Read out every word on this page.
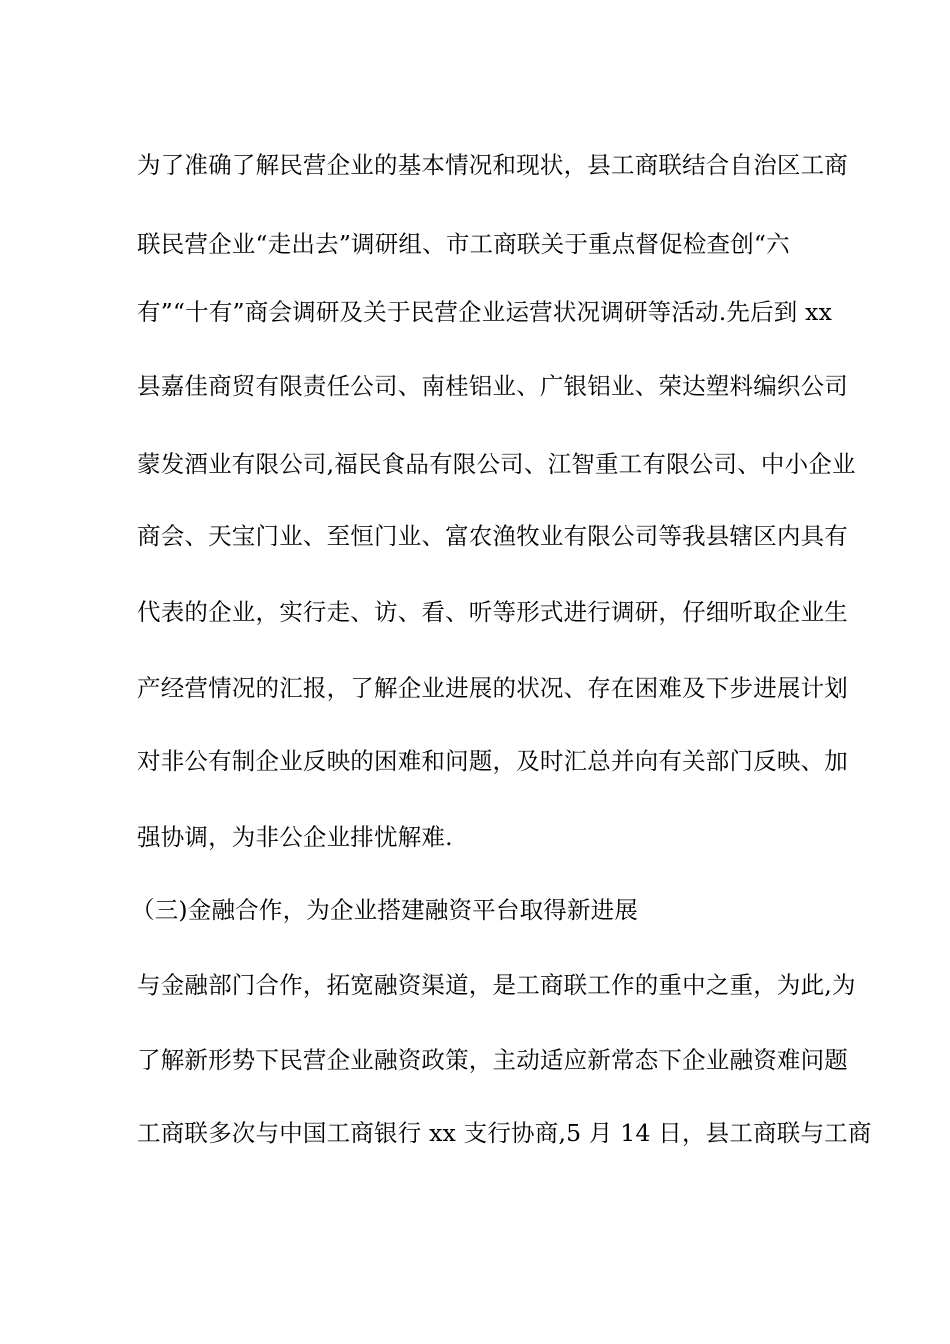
为了准确了解民营企业的基本情况和现状，县工商联结合自治区工商
联民营企业“走出去”调研组、市工商联关于重点督促检查创“六
有”“十有”商会调研及关于民营企业运营状况调研等活动.先后到 xx
县嘉佳商贸有限责任公司、南桂铝业、广银铝业、荣达塑料编织公司
蒙发酒业有限公司,福民食品有限公司、江智重工有限公司、中小企业
商会、天宝门业、至恒门业、富农渔牧业有限公司等我县辖区内具有
代表的企业，实行走、访、看、听等形式进行调研，仔细听取企业生
产经营情况的汇报，了解企业进展的状况、存在困难及下步进展计划
对非公有制企业反映的困难和问题，及时汇总并向有关部门反映、加
强协调，为非公企业排忧解难.
（三)金融合作，为企业搭建融资平台取得新进展
与金融部门合作，拓宽融资渠道，是工商联工作的重中之重，为此,为
了解新形势下民营企业融资政策，主动适应新常态下企业融资难问题
工商联多次与中国工商银行 xx 支行协商,5 月 14 日，县工商联与工商
